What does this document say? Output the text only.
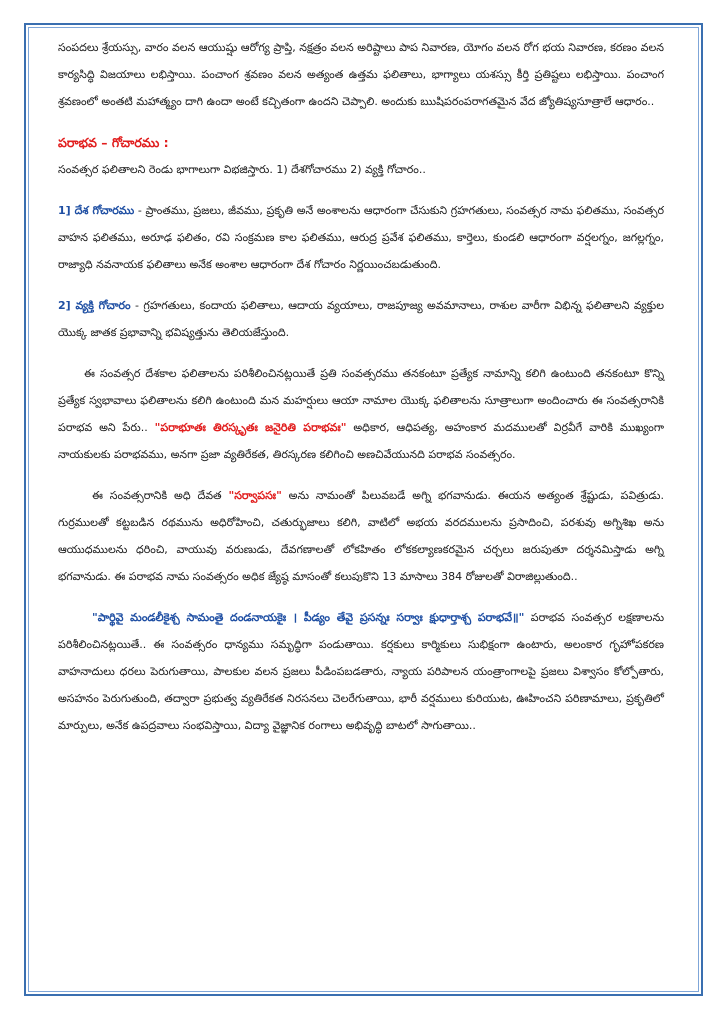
సంపదలు శ్రేయస్సు, వారం వలన ఆయుష్షు ఆరోగ్య ప్రాప్తి, నక్షత్రం వలన అరిష్టాలు పాప నివారణ, యోగం వలన రోగ భయ నివారణ, కరణం వలన కార్యసిద్ధి విజయాలు లభిస్తాయి. పంచాంగ శ్రవణం వలన అత్యంత ఉత్తమ ఫలితాలు, భాగ్యాలు యశస్సు కీర్తి ప్రతిష్టలు లభిస్తాయి. పంచాంగ శ్రవణంలో అంతటి మహాత్మ్యం దాగి ఉందా అంటే కచ్చితంగా ఉందని చెప్పాలి. అందుకు ఋషిపరంపరాగతమైన వేద జ్యోతిష్యసూత్రాలే ఆధారం..

పరాభవ – గోచారము :

సంవత్సర ఫలితాలని రెండు భాగాలుగా విభజిస్తారు. 1) దేశగోచారము 2) వ్యక్తి గోచారం..

1] దేశ గోచారము - ప్రాంతము, ప్రజలు, జీవము, ప్రకృతి అనే అంశాలను ఆధారంగా చేసుకుని గ్రహగతులు, సంవత్సర నామ ఫలితము, సంవత్సర వాహన ఫలితము, అరూఢ ఫలితం, రవి సంక్రమణ కాల ఫలితము, ఆరుద్ర ప్రవేశ ఫలితము, కార్తెలు, కుండలి ఆధారంగా వర్షలగ్నం, జగల్లగ్నం, రాజ్యాధి నవనాయక ఫలితాలు అనేక అంశాల ఆధారంగా దేశ గోచారం నిర్ణయించబడుతుంది.

2] వ్యక్తి గోచారం - గ్రహగతులు, కందాయ ఫలితాలు, ఆదాయ వ్యయాలు, రాజపూజ్య అవమానాలు, రాశుల వారీగా విభిన్న ఫలితాలని వ్యక్తుల యొక్క జాతక ప్రభావాన్ని భవిష్యత్తును తెలియజేస్తుంది.

ఈ సంవత్సర దేశకాల ఫలితాలను పరిశీలించినట్లయితే ప్రతి సంవత్సరము తనకంటూ ప్రత్యేక నామాన్ని కలిగి ఉంటుంది తనకంటూ కొన్ని ప్రత్యేక స్వభావాలు ఫలితాలను కలిగి ఉంటుంది మన మహర్షులు ఆయా నామాల యొక్క ఫలితాలను సూత్రాలుగా అందించారు ఈ సంవత్సరానికి పరాభవ అని పేరు.. "పరాభూతః తిరస్కృతః జనైరితి పరాభవః" అధికార, ఆధిపత్య, అహంకార మదములతో విర్రవీగే వారికి ముఖ్యంగా నాయకులకు పరాభవము, అనగా ప్రజా వ్యతిరేకత, తిరస్కరణ కలిగించి అణచివేయునది పరాభవ సంవత్సరం.

ఈ సంవత్సరానికి అధి దేవత "సర్వాపసః" అను నామంతో పిలువబడే అగ్ని భగవానుడు. ఈయన అత్యంత శ్రేష్టుడు, పవిత్రుడు. గుర్రములతో కట్టబడిన రథమును అధిరోహించి, చతుర్భుజాలు కలిగి, వాటిలో అభయ వరదములను ప్రసాదించి, పరశువు అగ్నిశిఖ అను ఆయుధములను ధరించి, వాయువు వరుణుడు, దేవగణాలతో లోకహితం లోకకల్యాణకరమైన చర్చలు జరుపుతూ దర్శనమిస్తాడు అగ్ని భగవానుడు. ఈ పరాభవ నామ సంవత్సరం అధిక జ్యేష్ఠ మాసంతో కలుపుకొని 13 మాసాలు 384 రోజులతో విరాజిల్లుతుంది..

"పార్థివై మండలీకైశ్చ సామంతై దండనాయకైః । పీడ్యం తేవై ప్రసన్నః సర్వాః క్షుధార్తాశ్చ పరాభవే॥" పరాభవ సంవత్సర లక్షణాలను పరిశీలించినట్లయితే.. ఈ సంవత్సరం ధాన్యము సమృద్ధిగా పండుతాయి. కర్షకులు కార్మికులు సుభిక్షంగా ఉంటారు, అలంకార గృహోపకరణ వాహనాదులు ధరలు పెరుగుతాయి, పాలకుల వలన ప్రజలు పీడింపబడతారు, న్యాయ పరిపాలన యంత్రాంగాలపై ప్రజలు విశ్వాసం కోల్పోతారు, అసహనం పెరుగుతుంది, తద్వారా ప్రభుత్వ వ్యతిరేకత నిరసనలు చెలరేగుతాయి, భారీ వర్షములు కురియుట, ఊహించని పరిణామాలు, ప్రకృతిలో మార్పులు, అనేక ఉపద్రవాలు సంభవిస్తాయి, విద్యా వైజ్ఞానిక రంగాలు అభివృద్ధి బాటలో సాగుతాయి..
